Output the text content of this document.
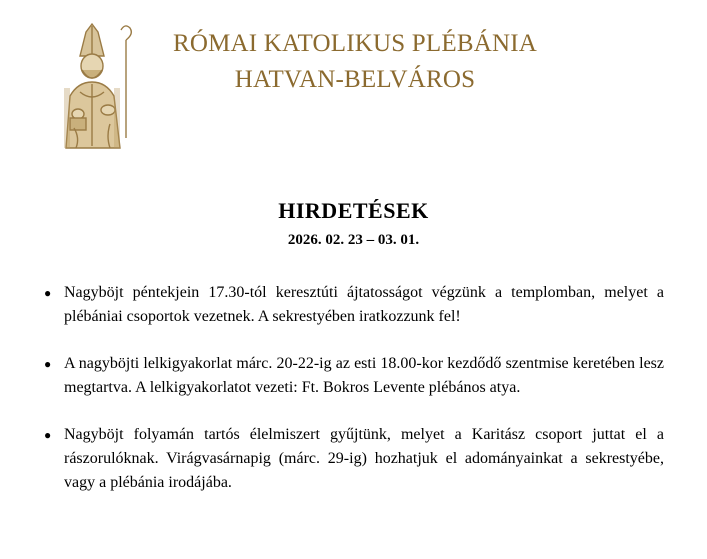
RÓMAI KATOLIKUS PLÉBÁNIA
HATVAN-BELVÁROS
HIRDETÉSEK
2026. 02. 23 – 03. 01.
● Nagyböjt péntekjein 17.30-tól keresztúti ájtatosságot végzünk a templomban, melyet a plébániai csoportok vezetnek. A sekrestyében iratkozzunk fel!
● A nagyböjti lelkigyakorlat márc. 20-22-ig az esti 18.00-kor kezdődő szentmise keretében lesz megtartva. A lelkigyakorlatot vezeti: Ft. Bokros Levente plébános atya.
● Nagyböjt folyamán tartós élelmiszert gyűjtünk, melyet a Karitász csoport juttat el a rászorulóknak. Virágvasárnapig (márc. 29-ig) hozhatjuk el adományainkat a sekrestyébe, vagy a plébánia irodájába.
